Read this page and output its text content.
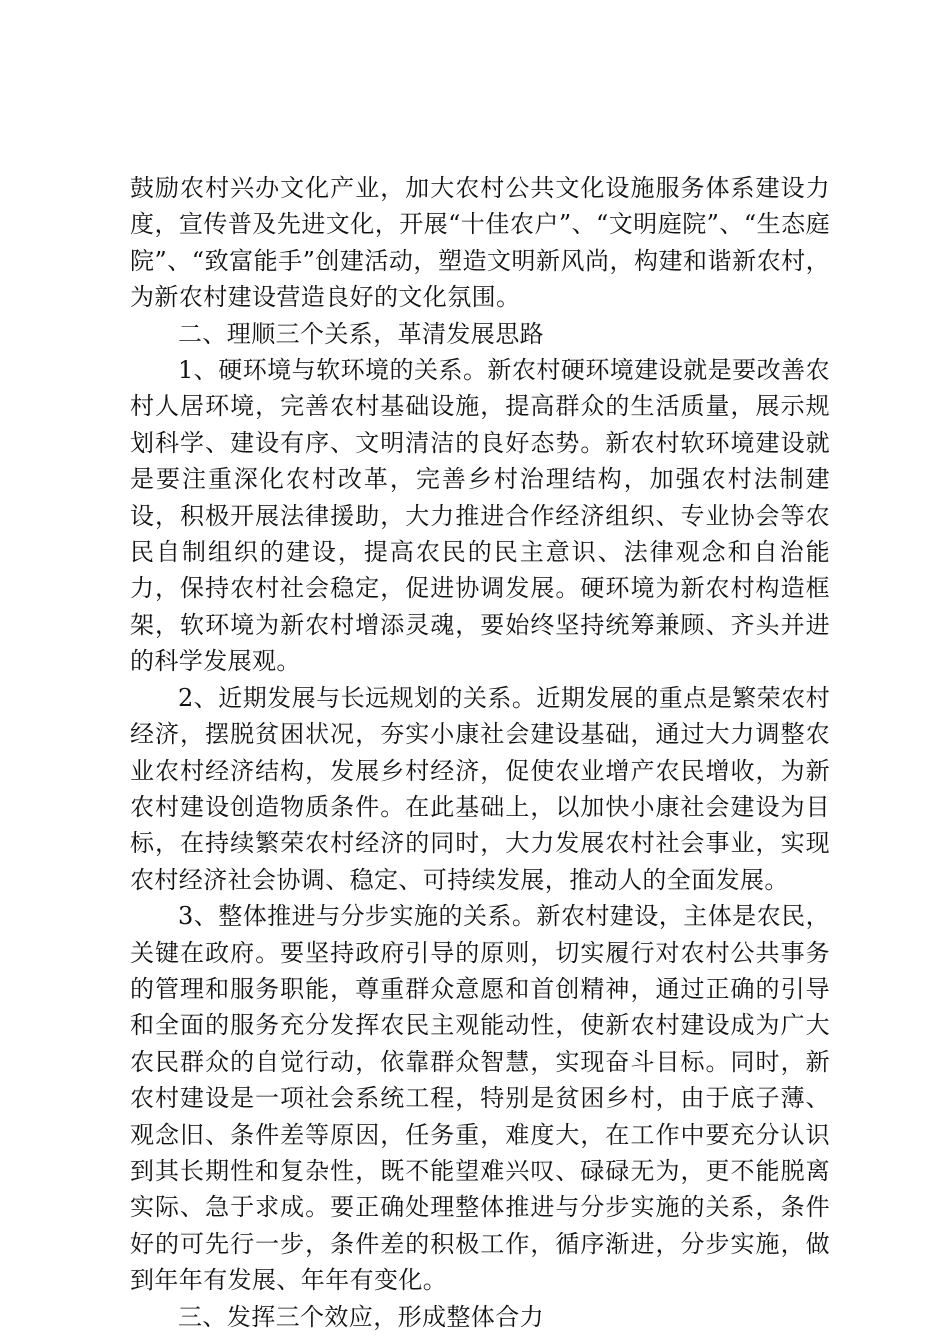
鼓励农村兴办文化产业，加大农村公共文化设施服务体系建设力度，宣传普及先进文化，开展“十佳农户”、“文明庭院”、“生态庭院”、“致富能手”创建活动，塑造文明新风尚，构建和谐新农村，为新农村建设营造良好的文化氛围。

二、理顺三个关系，革清发展思路

1、硬环境与软环境的关系。新农村硬环境建设就是要改善农村人居环境，完善农村基础设施，提高群众的生活质量，展示规划科学、建设有序、文明清洁的良好态势。新农村软环境建设就是要注重深化农村改革，完善乡村治理结构，加强农村法制建设，积极开展法律援助，大力推进合作经济组织、专业协会等农民自制组织的建设，提高农民的民主意识、法律观念和自治能力，保持农村社会稳定，促进协调发展。硬环境为新农村构造框架，软环境为新农村增添灵魂，要始终坚持统筹兼顾、齐头并进的科学发展观。

2、近期发展与长远规划的关系。近期发展的重点是繁荣农村经济，摆脱贫困状况，夯实小康社会建设基础，通过大力调整农业农村经济结构，发展乡村经济，促使农业增产农民增收，为新农村建设创造物质条件。在此基础上，以加快小康社会建设为目标，在持续繁荣农村经济的同时，大力发展农村社会事业，实现农村经济社会协调、稳定、可持续发展，推动人的全面发展。

3、整体推进与分步实施的关系。新农村建设，主体是农民，关键在政府。要坚持政府引导的原则，切实履行对农村公共事务的管理和服务职能，尊重群众意愿和首创精神，通过正确的引导和全面的服务充分发挥农民主观能动性，使新农村建设成为广大农民群众的自觉行动，依靠群众智慧，实现奋斗目标。同时，新农村建设是一项社会系统工程，特别是贫困乡村，由于底子薄、观念旧、条件差等原因，任务重，难度大，在工作中要充分认识到其长期性和复杂性，既不能望难兴叹、碌碌无为，更不能脱离实际、急于求成。要正确处理整体推进与分步实施的关系，条件好的可先行一步，条件差的积极工作，循序渐进，分步实施，做到年年有发展、年年有变化。

三、发挥三个效应，形成整体合力
